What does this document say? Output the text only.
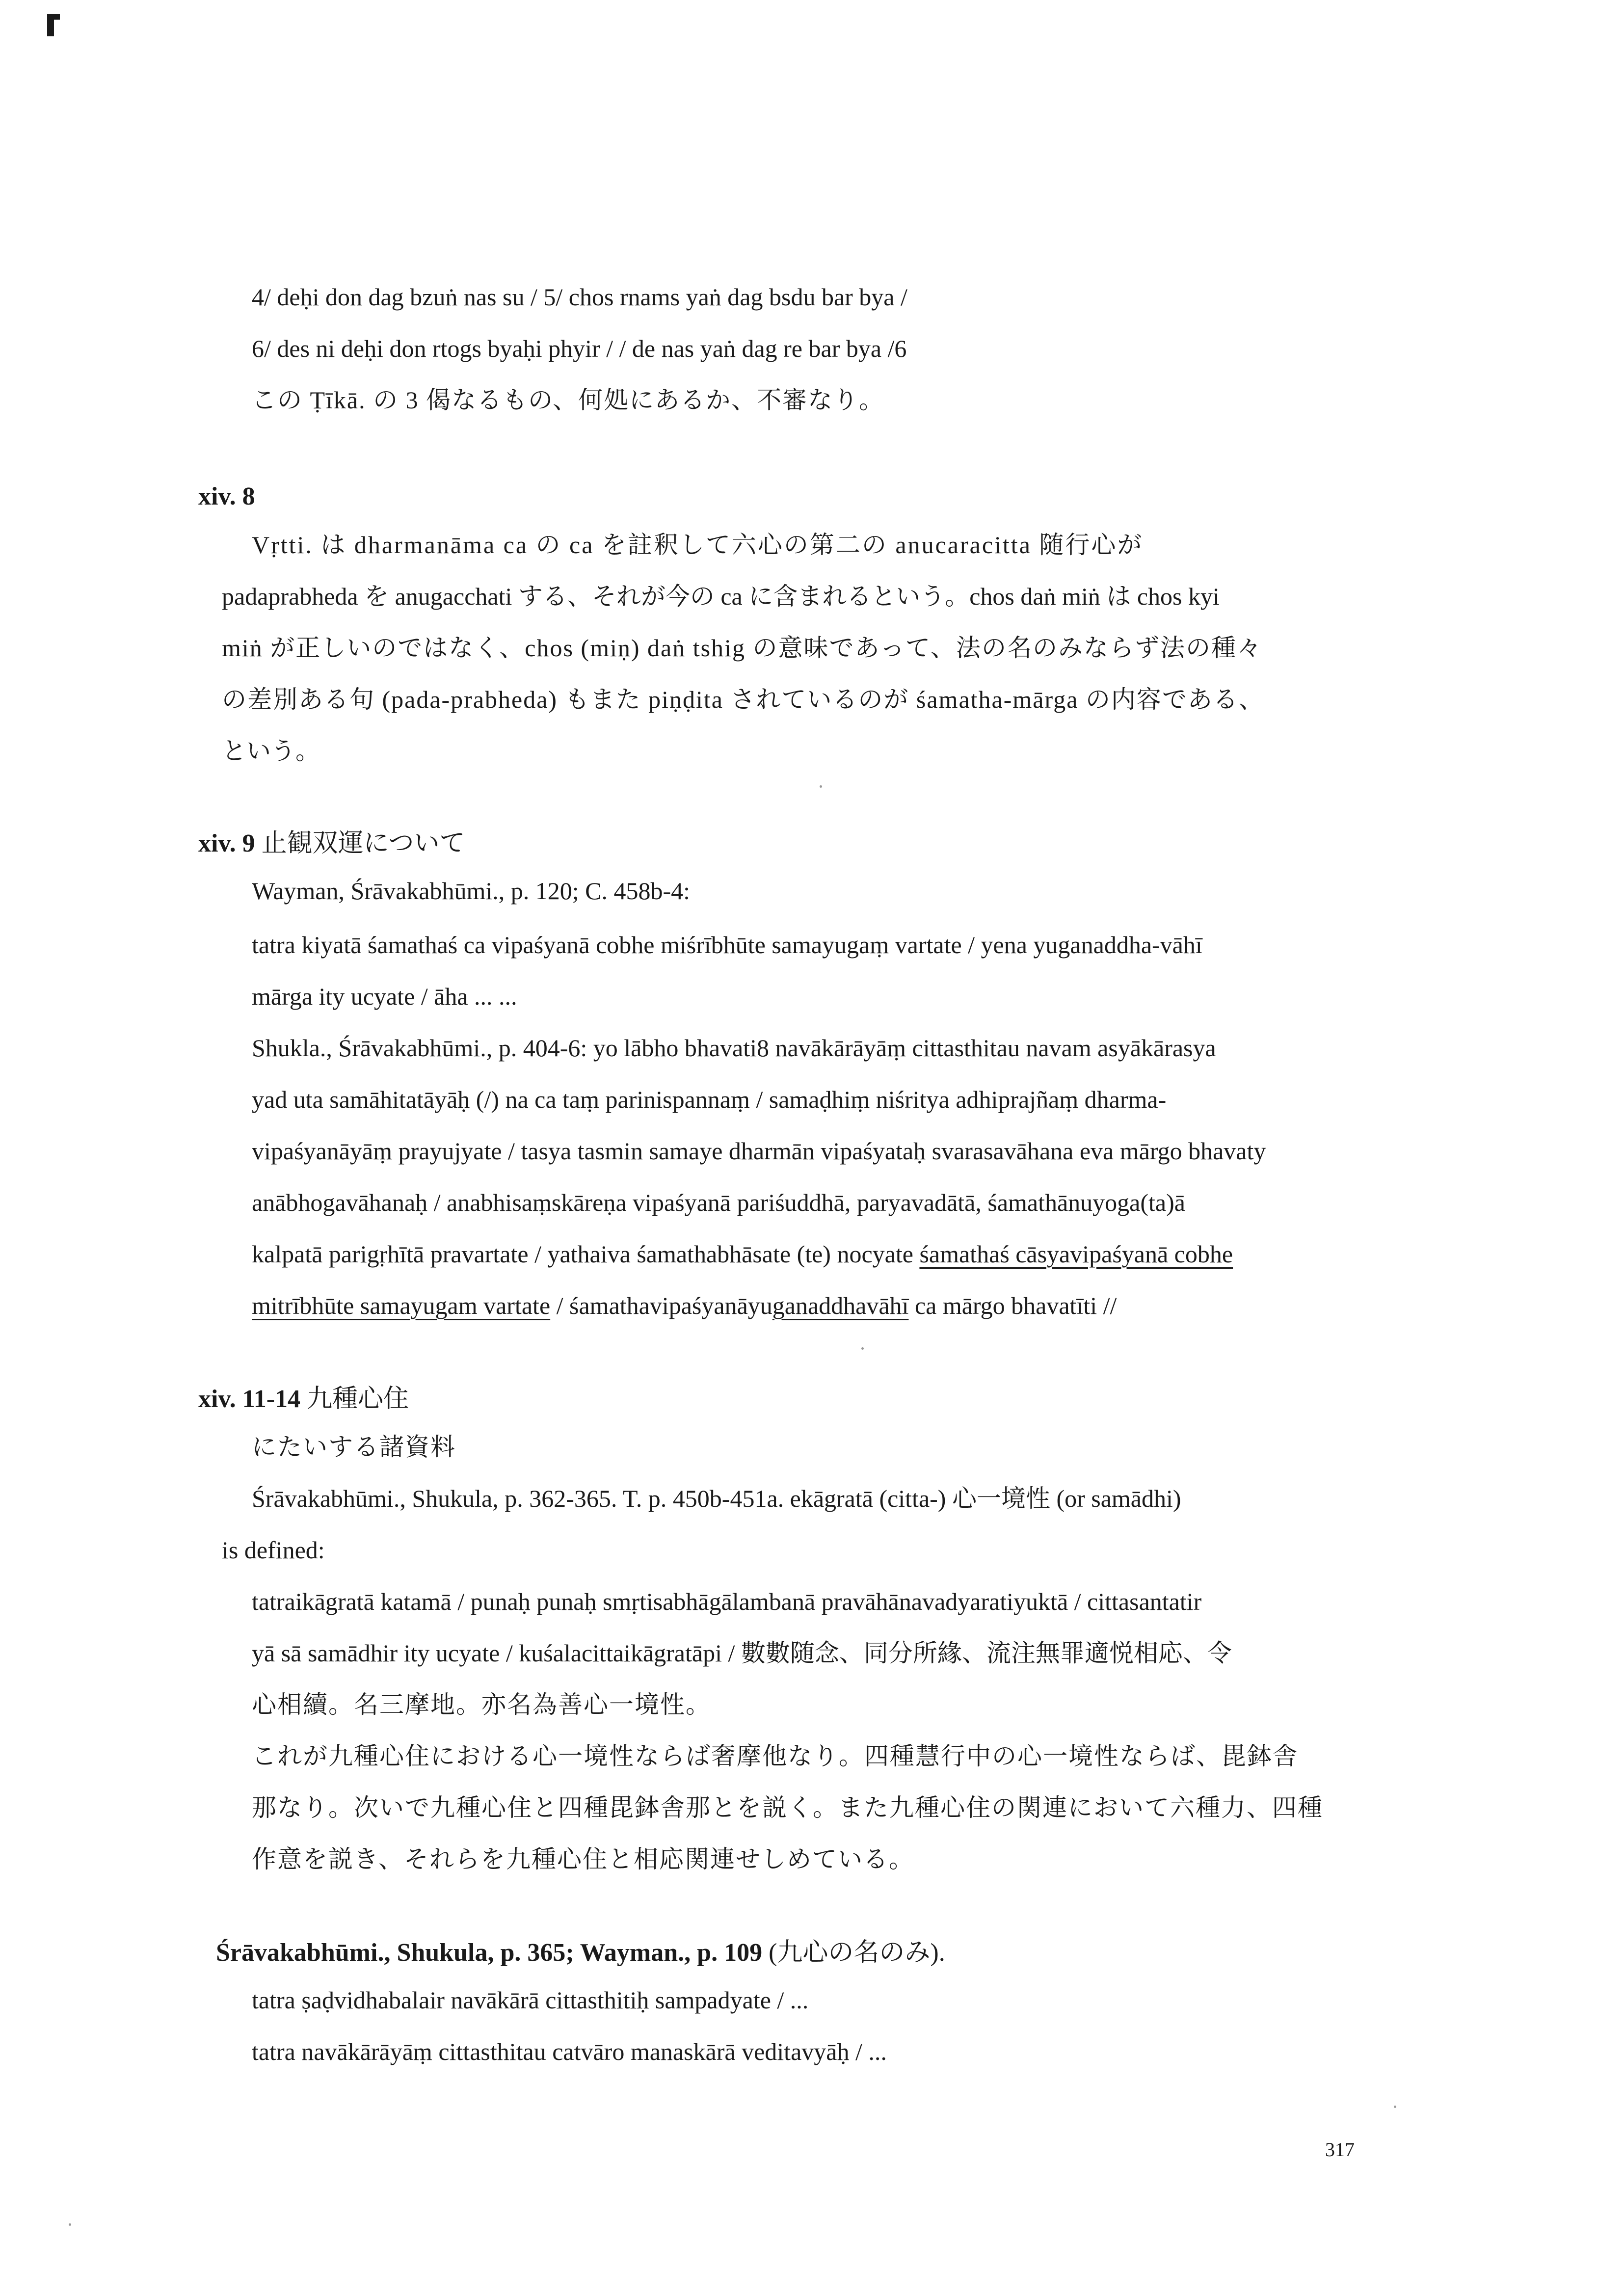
4/ deḥi don dag bzuṅ nas su / 5/ chos rnams yaṅ dag bsdu bar bya /
6/ des ni deḥi don rtogs byaḥi phyir / / de nas yaṅ dag re bar bya /6
この Ṭīkā. の 3 偈なるもの、何処にあるか、不審なり。
xiv. 8
Vṛtti. は dharmanāma ca の ca を註釈して六心の第二の anucaracitta 随行心が
padaprabheda を anugacchati する、それが今の ca に含まれるという。chos daṅ miṅ は chos kyi
miṅ が正しいのではなく、chos (miṇ) daṅ tshig の意味であって、法の名のみならず法の種々
の差別ある句 (pada-prabheda) もまた piṇḍita されているのが śamatha-mārga の内容である、
という。
xiv. 9 止観双運について
Wayman, Śrāvakabhūmi., p. 120; C. 458b-4:
tatra kiyatā śamathaś ca vipaśyanā cobhe miśrībhūte samayugaṃ vartate / yena yuganaddha-vāhī
mārga ity ucyate / āha ... ...
Shukla., Śrāvakabhūmi., p. 404-6: yo lābho bhavati8 navākārāyāṃ cittasthitau navam asyākārasya
yad uta samāhitatāyāḥ (/) na ca taṃ parinispannaṃ / samaḍhiṃ niśritya adhiprajñaṃ dharma-
vipaśyanāyāṃ prayujyate / tasya tasmin samaye dharmān vipaśyataḥ svarasavāhana eva mārgo bhavaty
anābhogavāhanaḥ / anabhisaṃskāreṇa vipaśyanā pariśuddhā, paryavadātā, śamathānuyoga(ta)ā
kalpatā parigṛhītā pravartate / yathaiva śamathabhāsate (te) nocyate śamathaś cāsyavipaśyanā cobhe
mitrībhūte samayugam vartate / śamathavipaśyanāyuganaddhavāhī ca mārgo bhavatīti //
xiv. 11-14 九種心住
にたいする諸資料
Śrāvakabhūmi., Shukula, p. 362-365. T. p. 450b-451a. ekāgratā (citta-) 心一境性 (or samādhi)
is defined:
tatraikāgratā katamā / punaḥ punaḥ smṛtisabhāgālambanā pravāhānavadyaratiyuktā / cittasantatir
yā sā samādhir ity ucyate / kuśalacittaikāgratāpi / 數數随念、同分所緣、流注無罪適悦相応、令
心相續。名三摩地。亦名為善心一境性。
これが九種心住における心一境性ならば奢摩他なり。四種慧行中の心一境性ならば、毘鉢舎
那なり。次いで九種心住と四種毘鉢舎那とを説く。また九種心住の関連において六種力、四種
作意を説き、それらを九種心住と相応関連せしめている。
Śrāvakabhūmi., Shukula, p. 365; Wayman., p. 109 (九心の名のみ).
tatra ṣaḍvidhabalair navākārā cittasthitiḥ sampadyate / ...
tatra navākārāyāṃ cittasthitau catvāro manaskārā veditavyāḥ / ...
317
